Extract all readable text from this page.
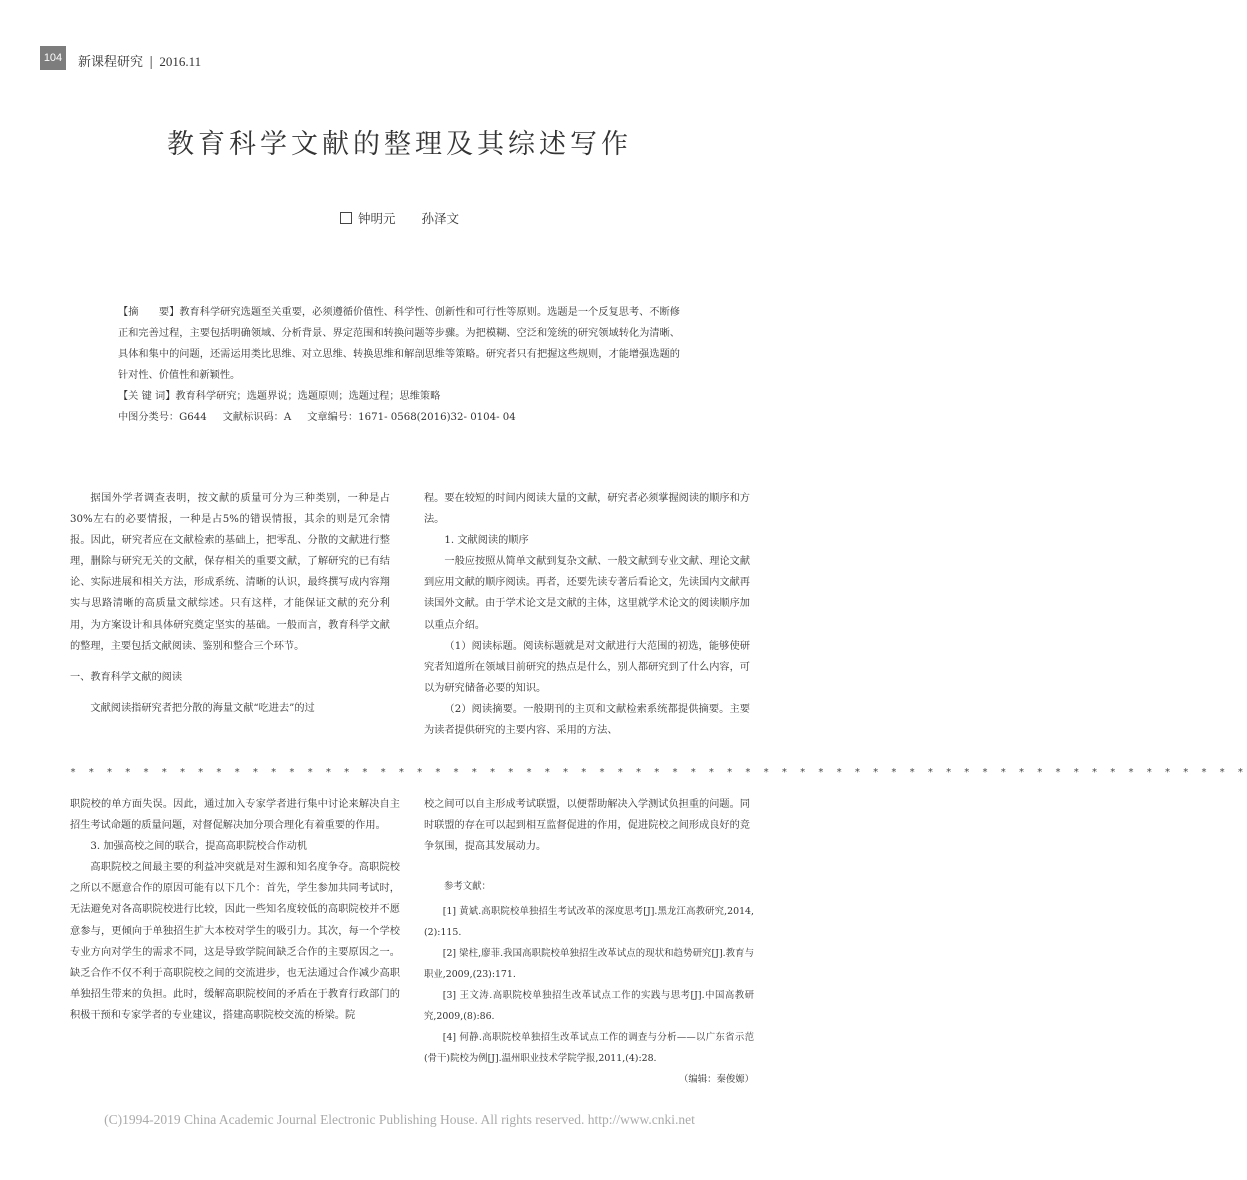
104 新课程研究 | 2016.11
教育科学文献的整理及其综述写作
钟明元 孙泽文

【摘　　要】教育科学研究选题至关重要，必须遵循价值性、科学性、创新性和可行性等原则。选题是一个反复思考、不断修正和完善过程，主要包括明确领域、分析背景、界定范围和转换问题等步骤。为把模糊、空泛和笼统的研究领域转化为清晰、具体和集中的问题，还需运用类比思维、对立思维、转换思维和解剖思维等策略。研究者只有把握这些规则，才能增强选题的针对性、价值性和新颖性。

【关 键 词】教育科学研究；选题界说；选题原则；选题过程；思维策略

中图分类号：G644 文献标识码：A 文章编号：1671- 0568(2016)32- 0104- 04

据国外学者调查表明，按文献的质量可分为三种类别，一种是占30%左右的必要情报，一种是占5%的错误情报，其余的则是冗余情报。因此，研究者应在文献检索的基础上，把零乱、分散的文献进行整理，删除与研究无关的文献，保存相关的重要文献，了解研究的已有结论、实际进展和相关方法，形成系统、清晰的认识，最终撰写成内容翔实与思路清晰的高质量文献综述。只有这样，才能保证文献的充分利用，为方案设计和具体研究奠定坚实的基础。一般而言，教育科学文献的整理，主要包括文献阅读、鉴别和整合三个环节。

一、教育科学文献的阅读

文献阅读指研究者把分散的海量文献“吃进去”的过

程。要在较短的时间内阅读大量的文献，研究者必须掌握阅读的顺序和方法。

1. 文献阅读的顺序

一般应按照从简单文献到复杂文献、一般文献到专业文献、理论文献到应用文献的顺序阅读。再者，还要先读专著后看论文，先读国内文献再读国外文献。由于学术论文是文献的主体，这里就学术论文的阅读顺序加以重点介绍。

（1）阅读标题。阅读标题就是对文献进行大范围的初选，能够使研究者知道所在领域目前研究的热点是什么，别人都研究到了什么内容，可以为研究储备必要的知识。

（2）阅读摘要。一般期刊的主页和文献检索系统都提供摘要。主要为读者提供研究的主要内容、采用的方法、

* * * * * * * * * * * * * * * * * * * * * * * * * * * * * * * * * * * * * * * * * * * * * * * * * * * * * * * * * * * * * * * * *

职院校的单方面失误。因此，通过加入专家学者进行集中讨论来解决自主招生考试命题的质量问题，对督促解决加分项合理化有着重要的作用。

3. 加强高校之间的联合，提高高职院校合作动机

高职院校之间最主要的利益冲突就是对生源和知名度争夺。高职院校之所以不愿意合作的原因可能有以下几个：首先，学生参加共同考试时，无法避免对各高职院校进行比较，因此一些知名度较低的高职院校并不愿意参与，更倾向于单独招生扩大本校对学生的吸引力。其次，每一个学校专业方向对学生的需求不同，这是导致学院间缺乏合作的主要原因之一。缺乏合作不仅不利于高职院校之间的交流进步，也无法通过合作减少高职单独招生带来的负担。此时，缓解高职院校间的矛盾在于教育行政部门的积极干预和专家学者的专业建议，搭建高职院校交流的桥梁。院

校之间可以自主形成考试联盟，以便帮助解决入学测试负担重的问题。同时联盟的存在可以起到相互监督促进的作用，促进院校之间形成良好的竞争氛围，提高其发展动力。

参考文献：

[1] 黄斌.高职院校单独招生考试改革的深度思考[J].黑龙江高教研究,2014,(2):115.

[2] 梁柱,廖菲.我国高职院校单独招生改革试点的现状和趋势研究[J].教育与职业,2009,(23):171.

[3] 王文涛.高职院校单独招生改革试点工作的实践与思考[J].中国高教研究,2009,(8):86.

[4] 何静.高职院校单独招生改革试点工作的调查与分析——以广东省示范(骨干)院校为例[J].温州职业技术学院学报,2011,(4):28.

（编辑：秦俊嫄）

(C)1994-2019 China Academic Journal Electronic Publishing House. All rights reserved. http://www.cnki.net
